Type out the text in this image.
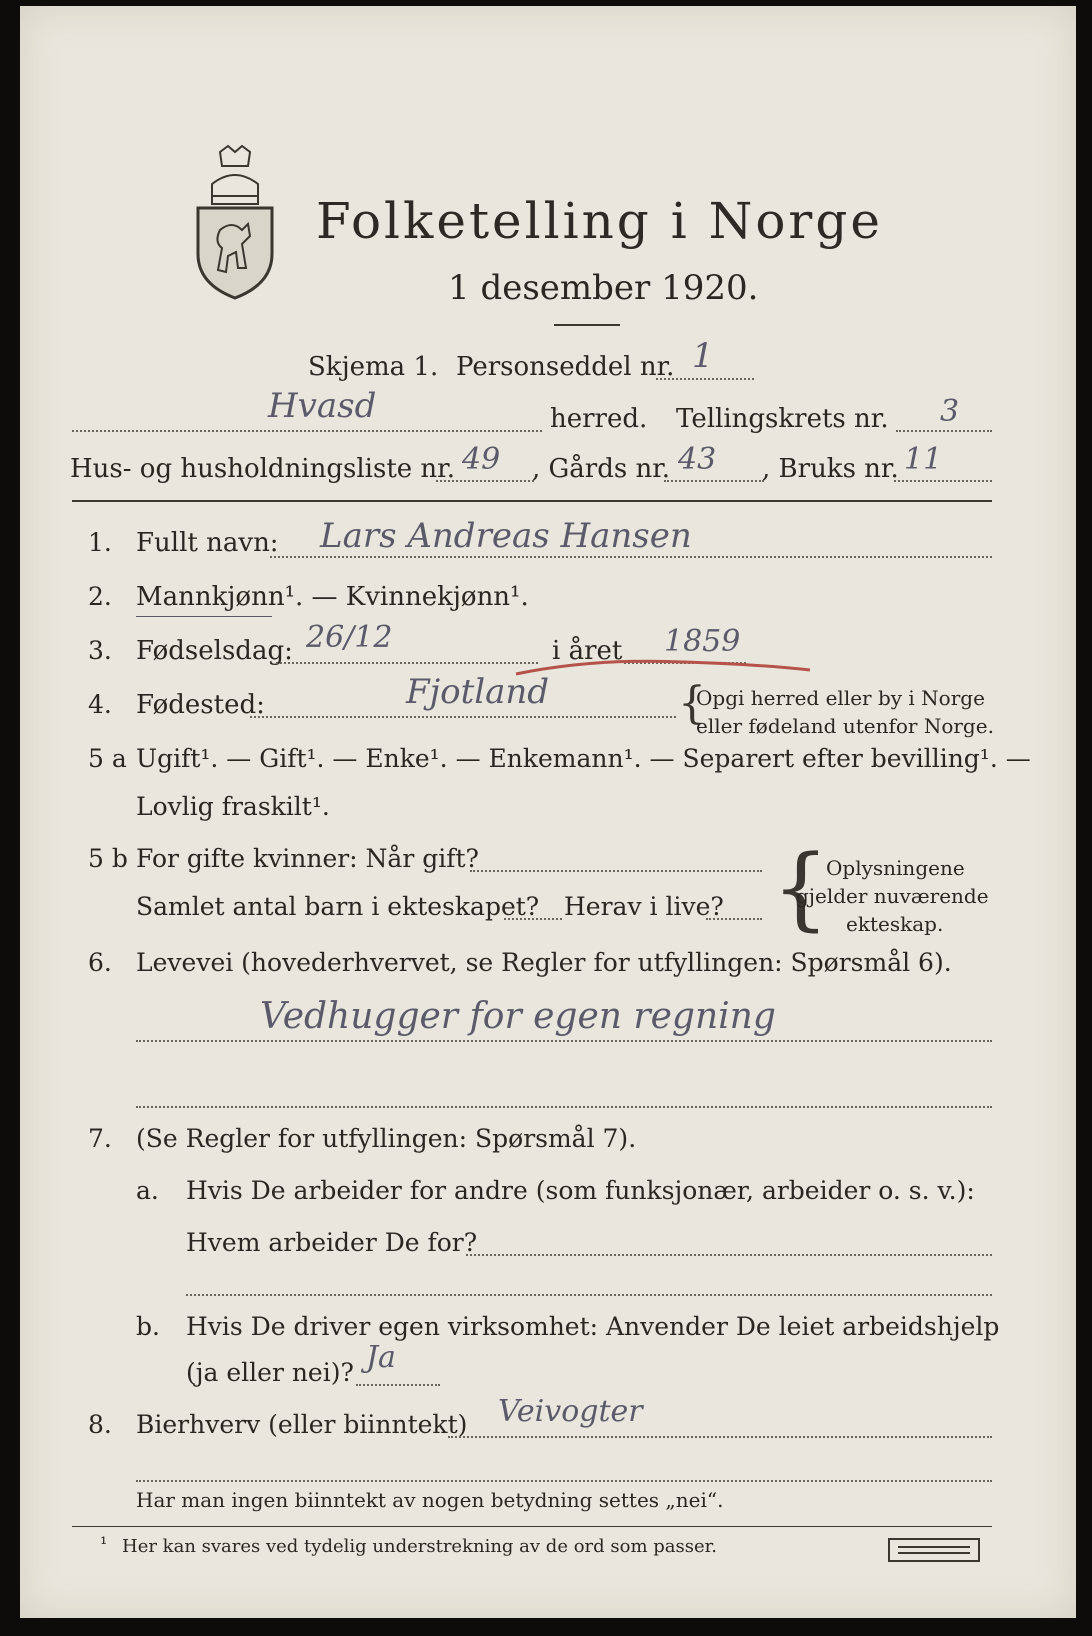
Folketelling i Norge
1 desember 1920.
Skjema 1. Personseddel nr. 1
Hvasd	herred. Tellingskrets nr. 3
Hus- og husholdningsliste nr. 49 , Gårds nr. 43 , Bruks nr. 11
1. Fullt navn: Lars Andreas Hansen
2. Mannkjønn¹. — Kvinnekjønn¹.
3. Fødselsdag: 26/12	i året 1859
4. Fødested:	Fjotland	{
Opgi herred eller by i Norge
eller fødeland utenfor Norge.
5 a Ugift¹. — Gift¹. — Enke¹. — Enkemann¹. — Separert efter bevilling¹. —
Lovlig fraskilt¹.
5 b For gifte kvinner: Når gift?
Samlet antal barn i ekteskapet? Herav i live? {
Oplysningene
gjelder nuværende
ekteskap.
6. Levevei (hovederhvervet, se Regler for utfyllingen: Spørsmål 6).
Vedhugger for egen regning
7. (Se Regler for utfyllingen: Spørsmål 7).
a. Hvis De arbeider for andre (som funksjonær, arbeider o. s. v.):
Hvem arbeider De for?
b. Hvis De driver egen virksomhet: Anvender De leiet arbeidshjelp
(ja eller nei)? Ja
8. Bierhverv (eller biinntekt) Veivogter
Har man ingen biinntekt av nogen betydning settes „nei“.
¹ Her kan svares ved tydelig understrekning av de ord som passer.
